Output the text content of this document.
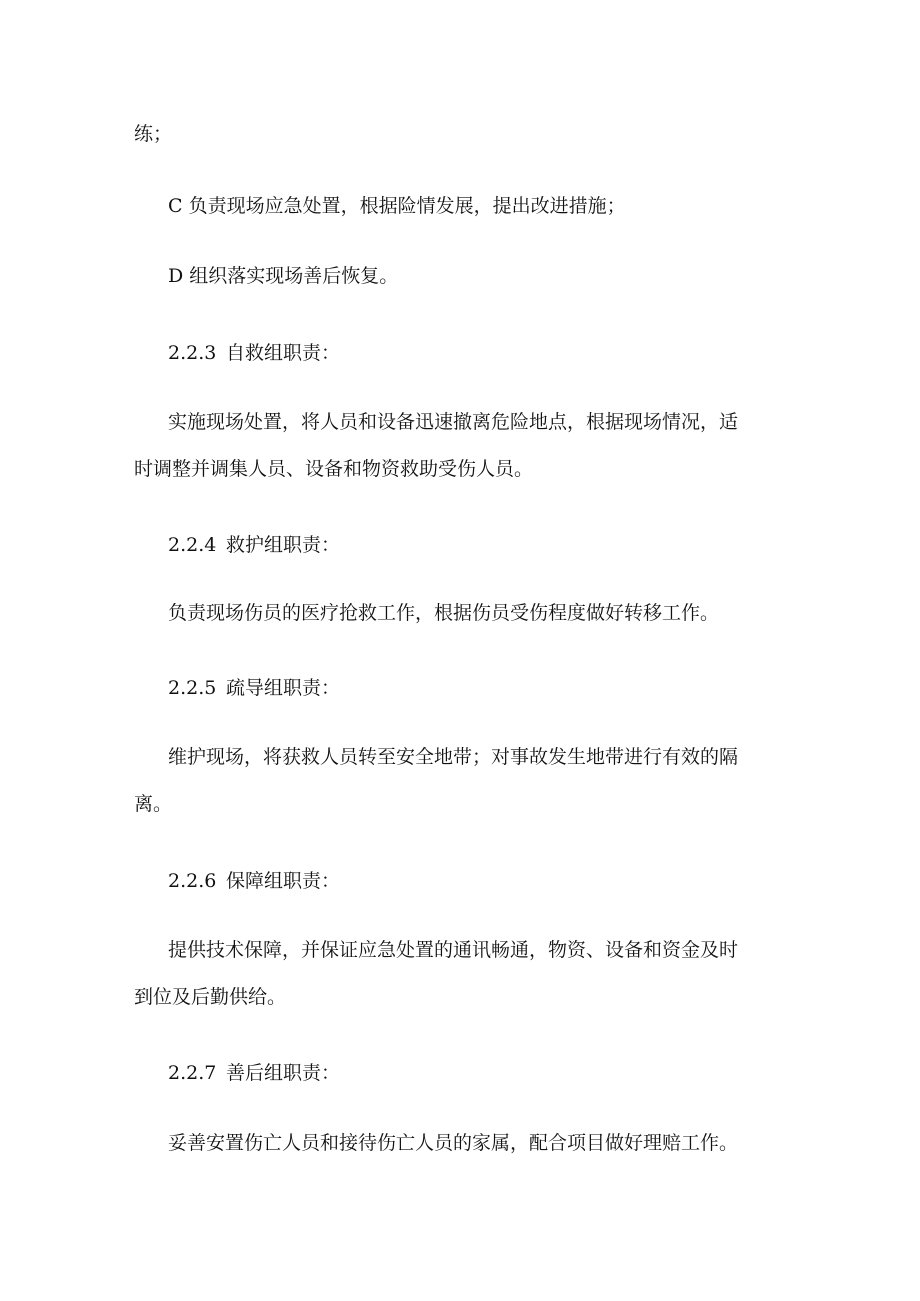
练；
C 负责现场应急处置，根据险情发展，提出改进措施；
D 组织落实现场善后恢复。
2.2.3 自救组职责：
实施现场处置，将人员和设备迅速撤离危险地点，根据现场情况，适
时调整并调集人员、设备和物资救助受伤人员。
2.2.4 救护组职责：
负责现场伤员的医疗抢救工作，根据伤员受伤程度做好转移工作。
2.2.5 疏导组职责：
维护现场，将获救人员转至安全地带；对事故发生地带进行有效的隔
离。
2.2.6 保障组职责：
提供技术保障，并保证应急处置的通讯畅通，物资、设备和资金及时
到位及后勤供给。
2.2.7 善后组职责：
妥善安置伤亡人员和接待伤亡人员的家属，配合项目做好理赔工作。
